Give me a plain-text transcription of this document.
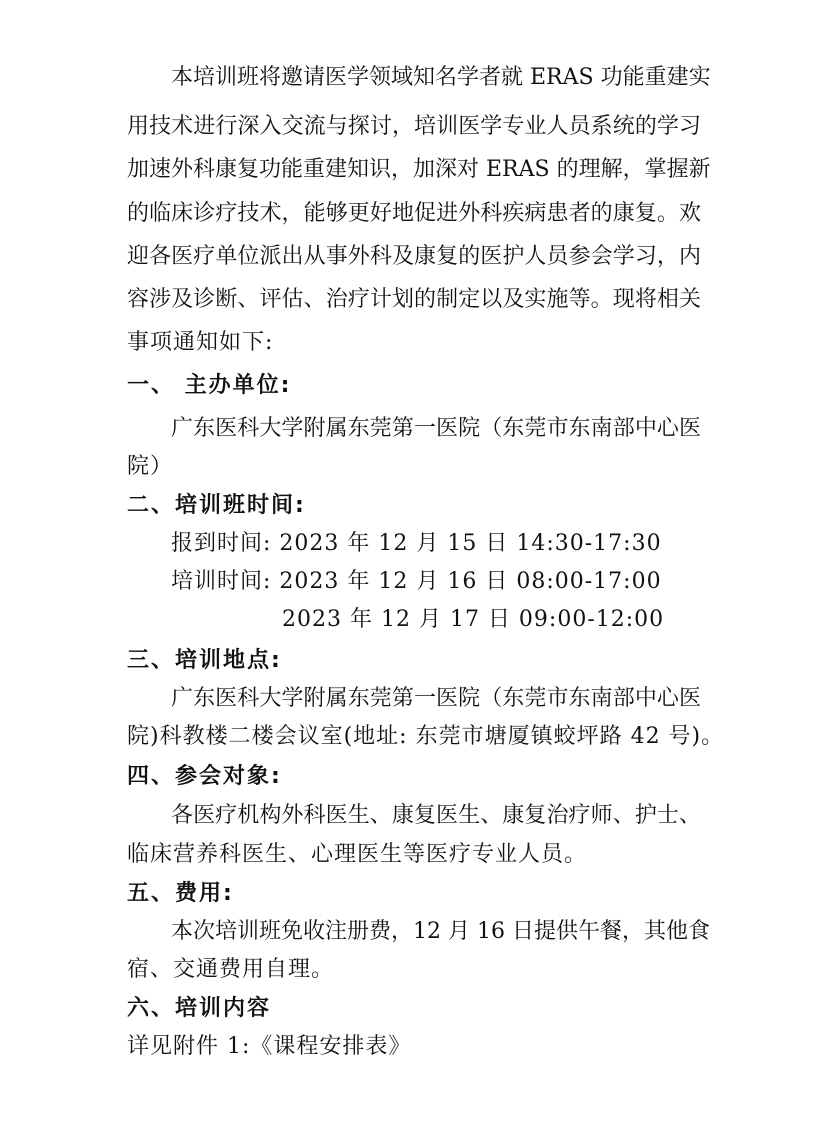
本培训班将邀请医学领域知名学者就 ERAS 功能重建实
用技术进行深入交流与探讨，培训医学专业人员系统的学习
加速外科康复功能重建知识，加深对 ERAS 的理解，掌握新
的临床诊疗技术，能够更好地促进外科疾病患者的康复。欢
迎各医疗单位派出从事外科及康复的医护人员参会学习，内
容涉及诊断、评估、治疗计划的制定以及实施等。现将相关
事项通知如下:
一、 主办单位:
广东医科大学附属东莞第一医院（东莞市东南部中心医
院）
二、培训班时间:
报到时间: 2023 年 12 月 15 日 14:30-17:30
培训时间: 2023 年 12 月 16 日 08:00-17:00
2023 年 12 月 17 日 09:00-12:00
三、培训地点:
广东医科大学附属东莞第一医院（东莞市东南部中心医
院)科教楼二楼会议室(地址: 东莞市塘厦镇蛟坪路 42 号)。
四、参会对象:
各医疗机构外科医生、康复医生、康复治疗师、护士、
临床营养科医生、心理医生等医疗专业人员。
五、费用:
本次培训班免收注册费，12 月 16 日提供午餐，其他食
宿、交通费用自理。
六、培训内容
详见附件 1:《课程安排表》
